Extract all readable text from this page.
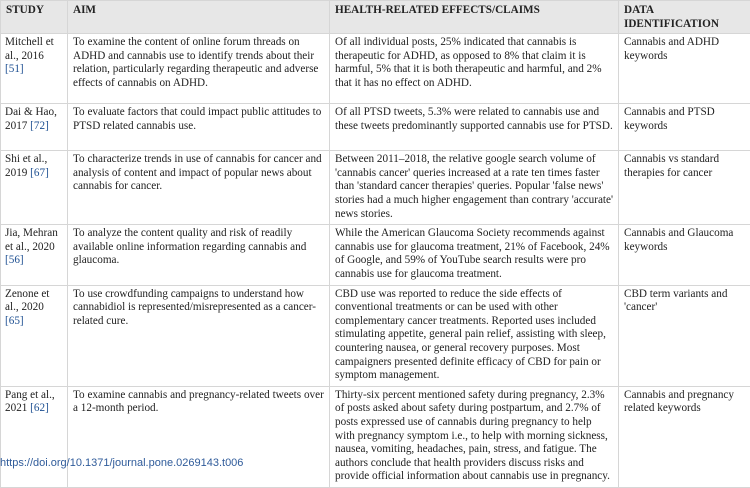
STUDY	AIM	HEALTH-RELATED EFFECTS/CLAIMS	DATA IDENTIFICATION
Mitchell et al., 2016 [51]	To examine the content of online forum threads on ADHD and cannabis use to identify trends about their relation, particularly regarding therapeutic and adverse effects of cannabis on ADHD.	Of all individual posts, 25% indicated that cannabis is therapeutic for ADHD, as opposed to 8% that claim it is harmful, 5% that it is both therapeutic and harmful, and 2% that it has no effect on ADHD.	Cannabis and ADHD keywords
Dai & Hao, 2017 [72]	To evaluate factors that could impact public attitudes to PTSD related cannabis use.	Of all PTSD tweets, 5.3% were related to cannabis use and these tweets predominantly supported cannabis use for PTSD.	Cannabis and PTSD keywords
Shi et al., 2019 [67]	To characterize trends in use of cannabis for cancer and analysis of content and impact of popular news about cannabis for cancer.	Between 2011–2018, the relative google search volume of 'cannabis cancer' queries increased at a rate ten times faster than 'standard cancer therapies' queries. Popular 'false news' stories had a much higher engagement than contrary 'accurate' news stories.	Cannabis vs standard therapies for cancer
Jia, Mehran et al., 2020 [56]	To analyze the content quality and risk of readily available online information regarding cannabis and glaucoma.	While the American Glaucoma Society recommends against cannabis use for glaucoma treatment, 21% of Facebook, 24% of Google, and 59% of YouTube search results were pro cannabis use for glaucoma treatment.	Cannabis and Glaucoma keywords
Zenone et al., 2020 [65]	To use crowdfunding campaigns to understand how cannabidiol is represented/misrepresented as a cancer-related cure.	CBD use was reported to reduce the side effects of conventional treatments or can be used with other complementary cancer treatments. Reported uses included stimulating appetite, general pain relief, assisting with sleep, countering nausea, or general recovery purposes. Most campaigners presented definite efficacy of CBD for pain or symptom management.	CBD term variants and 'cancer'
Pang et al., 2021 [62]	To examine cannabis and pregnancy-related tweets over a 12-month period.	Thirty-six percent mentioned safety during pregnancy, 2.3% of posts asked about safety during postpartum, and 2.7% of posts expressed use of cannabis during pregnancy to help with pregnancy symptom i.e., to help with morning sickness, nausea, vomiting, headaches, pain, stress, and fatigue. The authors conclude that health providers discuss risks and provide official information about cannabis use in pregnancy.	Cannabis and pregnancy related keywords
https://doi.org/10.1371/journal.pone.0269143.t006
